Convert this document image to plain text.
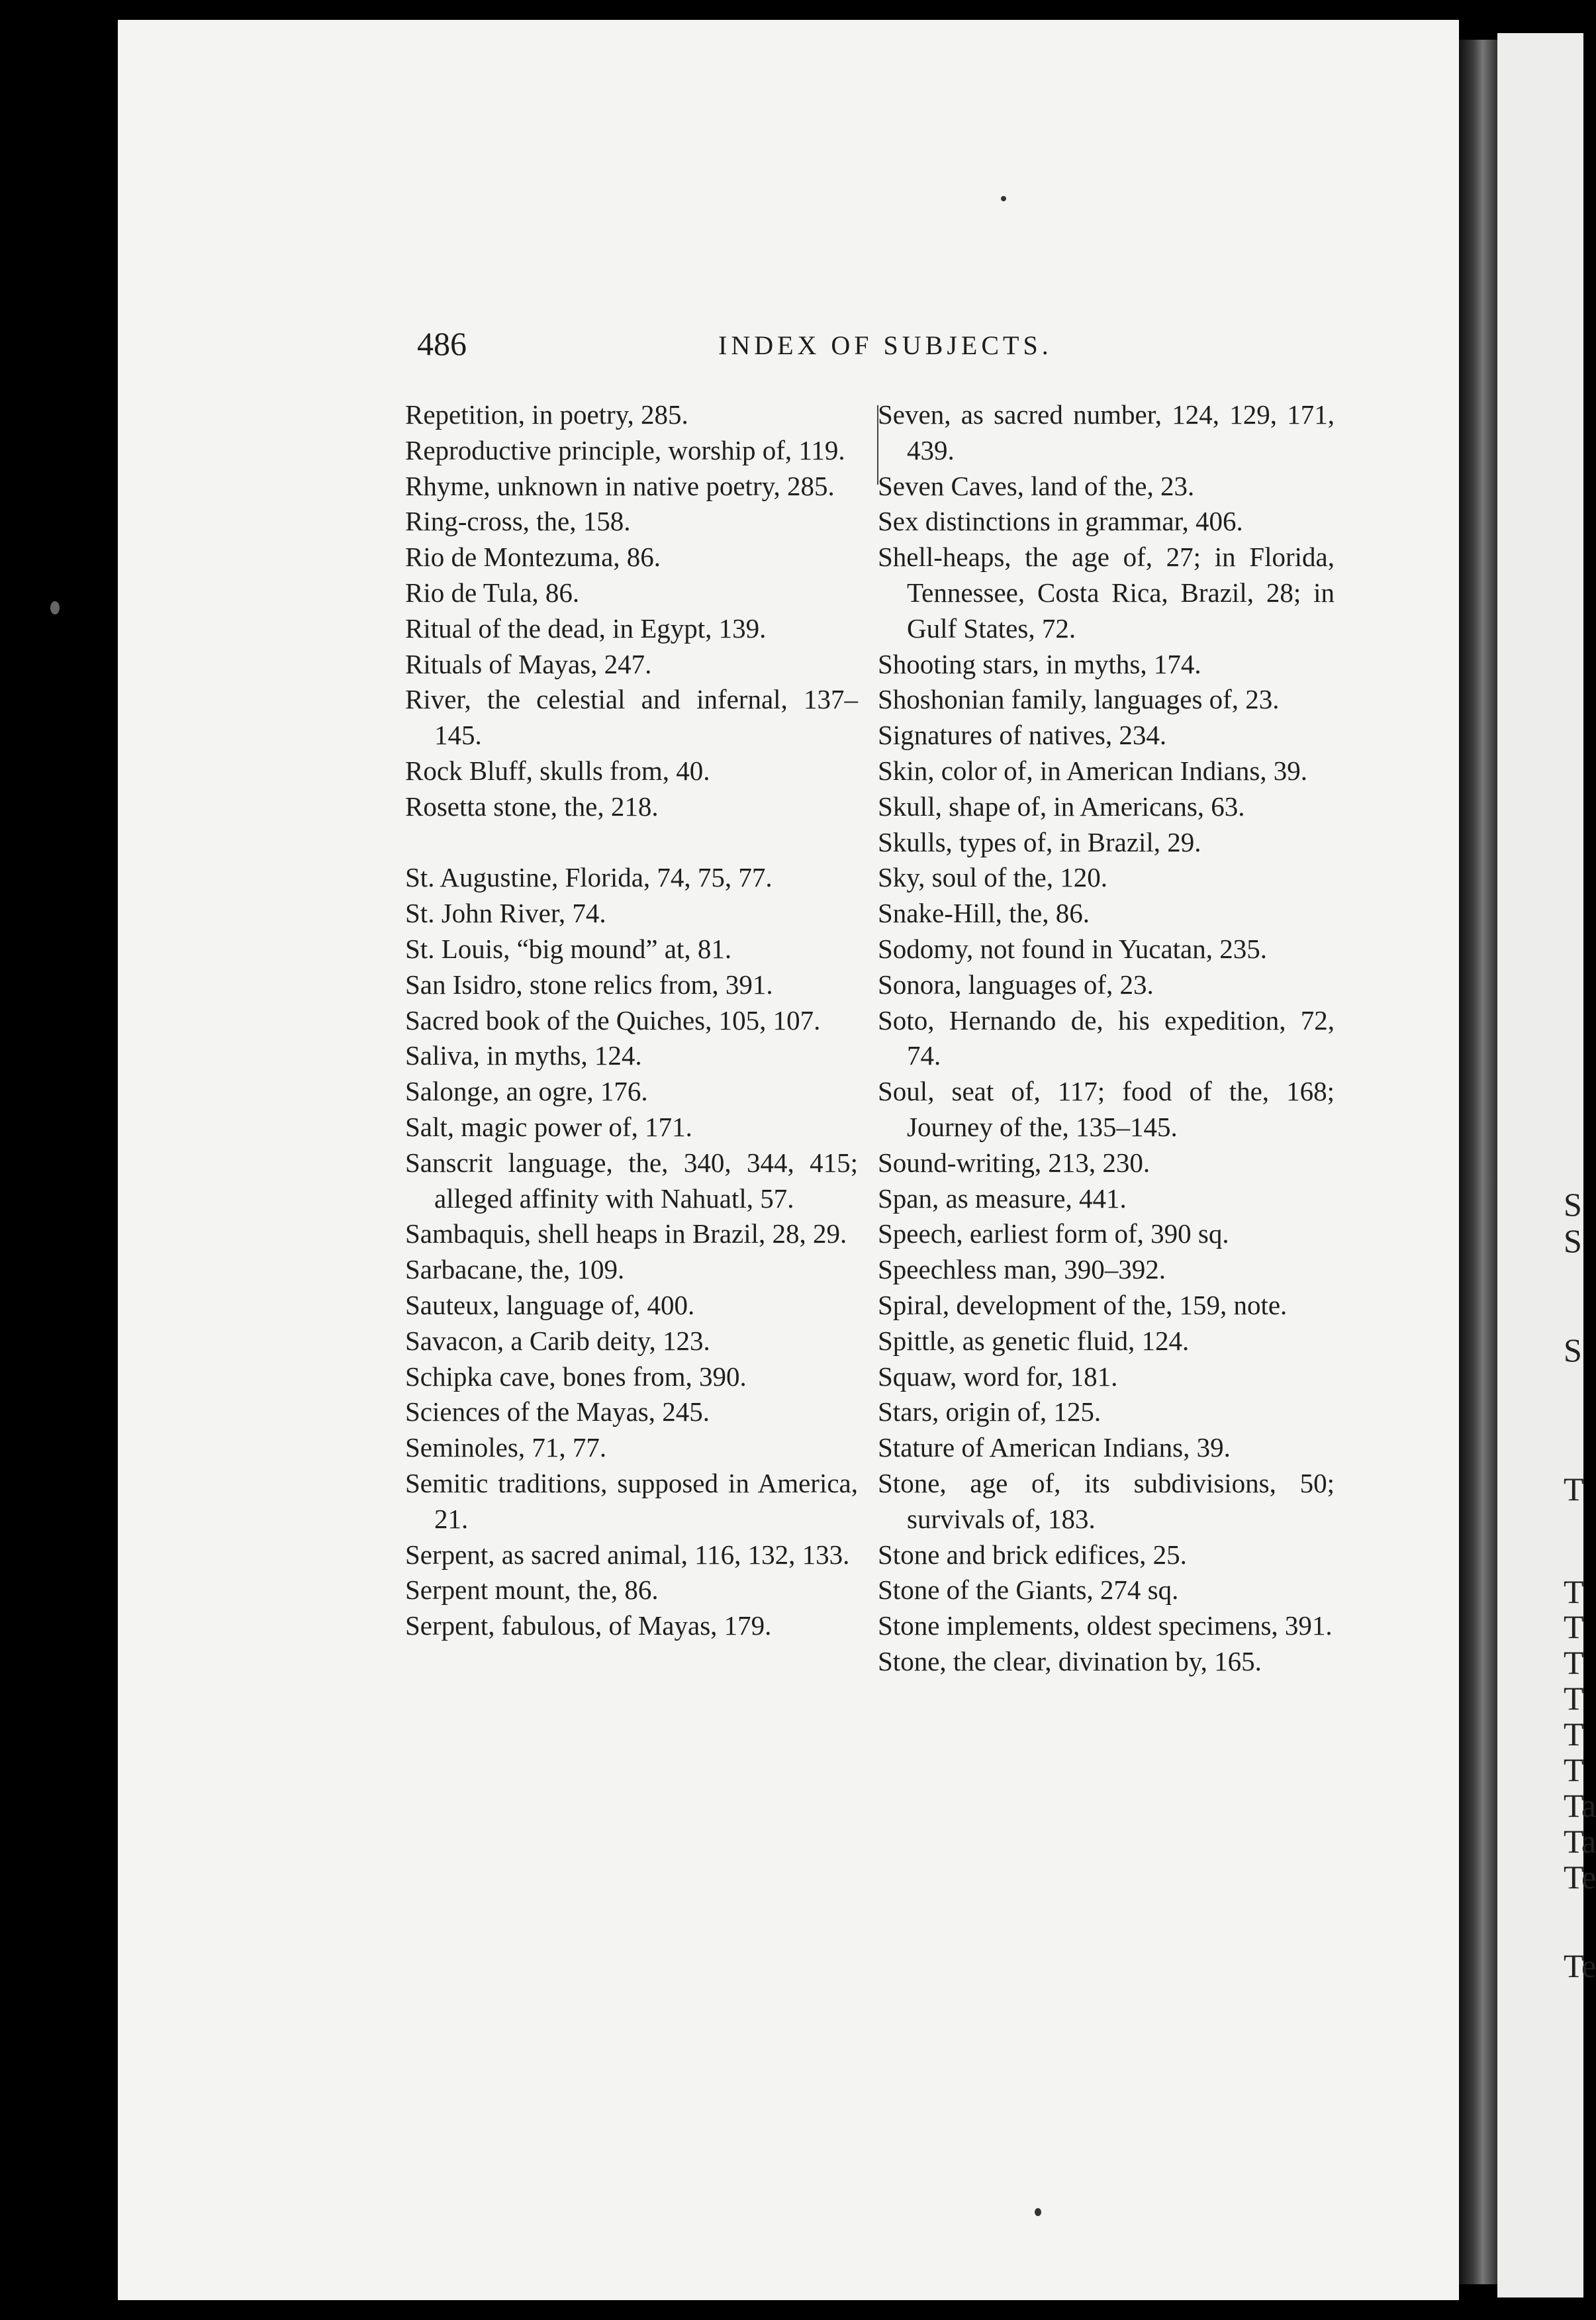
S
S
S
T
T
T
T
T
T
T
Ta
Ta
Te
Te
486	INDEX OF SUBJECTS.

Repetition, in poetry, 285.

Reproductive principle, worship of, 119.

Rhyme, unknown in native poetry, 285.

Ring-cross, the, 158.

Rio de Montezuma, 86.

Rio de Tula, 86.

Ritual of the dead, in Egypt, 139.

Rituals of Mayas, 247.

River, the celestial and infernal, 137–145.

Rock Bluff, skulls from, 40.

Rosetta stone, the, 218.

St. Augustine, Florida, 74, 75, 77.

St. John River, 74.

St. Louis, “big mound” at, 81.

San Isidro, stone relics from, 391.

Sacred book of the Quiches, 105, 107.

Saliva, in myths, 124.

Salonge, an ogre, 176.

Salt, magic power of, 171.

Sanscrit language, the, 340, 344, 415; alleged affinity with Nahuatl, 57.

Sambaquis, shell heaps in Brazil, 28, 29.

Sarbacane, the, 109.

Sauteux, language of, 400.

Savacon, a Carib deity, 123.

Schipka cave, bones from, 390.

Sciences of the Mayas, 245.

Seminoles, 71, 77.

Semitic traditions, supposed in America, 21.

Serpent, as sacred animal, 116, 132, 133.

Serpent mount, the, 86.

Serpent, fabulous, of Mayas, 179.

Seven, as sacred number, 124, 129, 171, 439.

Seven Caves, land of the, 23.

Sex distinctions in grammar, 406.

Shell-heaps, the age of, 27; in Florida, Tennessee, Costa Rica, Brazil, 28; in Gulf States, 72.

Shooting stars, in myths, 174.

Shoshonian family, languages of, 23.

Signatures of natives, 234.

Skin, color of, in American Indians, 39.

Skull, shape of, in Americans, 63.

Skulls, types of, in Brazil, 29.

Sky, soul of the, 120.

Snake-Hill, the, 86.

Sodomy, not found in Yucatan, 235.

Sonora, languages of, 23.

Soto, Hernando de, his expedition, 72, 74.

Soul, seat of, 117; food of the, 168; Journey of the, 135–145.

Sound-writing, 213, 230.

Span, as measure, 441.

Speech, earliest form of, 390 sq.

Speechless man, 390–392.

Spiral, development of the, 159, note.

Spittle, as genetic fluid, 124.

Squaw, word for, 181.

Stars, origin of, 125.

Stature of American Indians, 39.

Stone, age of, its subdivisions, 50; survivals of, 183.

Stone and brick edifices, 25.

Stone of the Giants, 274 sq.

Stone implements, oldest specimens, 391.

Stone, the clear, divination by, 165.
